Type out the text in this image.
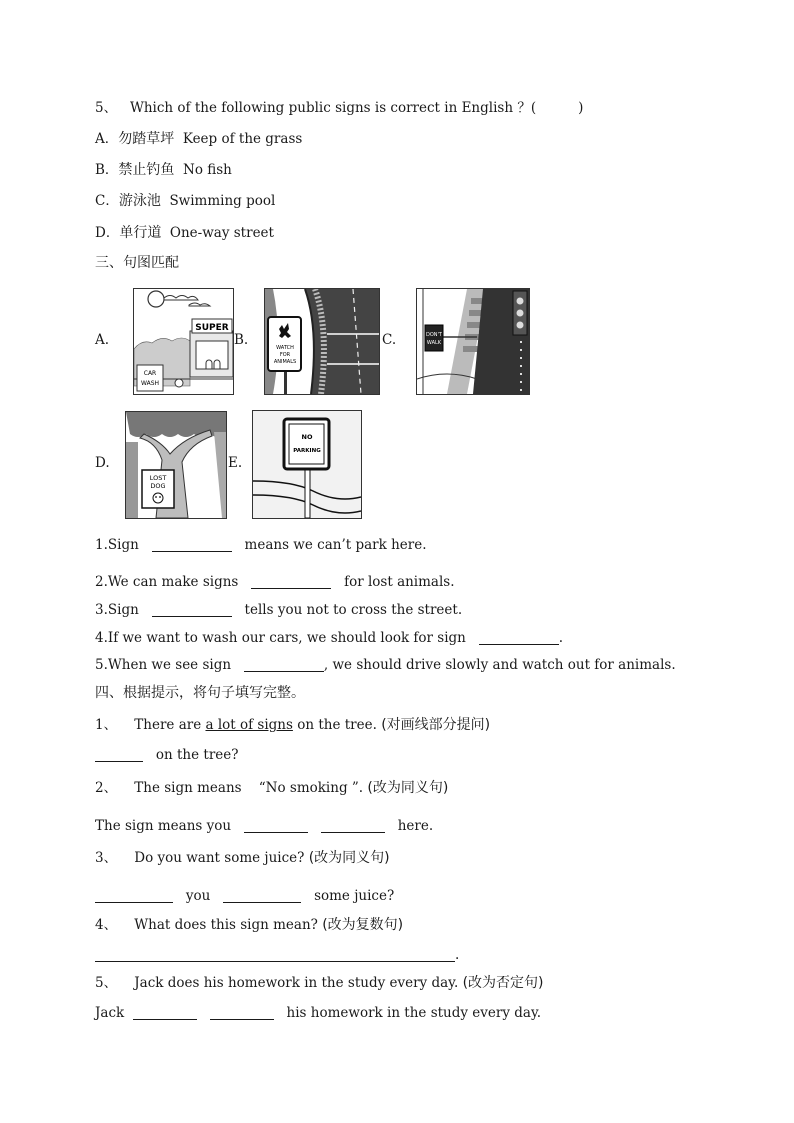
5、 Which of the following public signs is correct in English ？(	)
A．勿踏草坪 Keep of the grass
B．禁止钓鱼 No fish
C．游泳池 Swimming pool
D．单行道 One-way street
三、句图匹配
A.	B.	C.
D.	E.
SUPER
CAR
WASH
WATCH
FOR
ANIMALS
DON'T
WALK
LOST
DOG
NO
PARKING
1.Sign	means we can’t park here.
2.We can make signs	for lost animals.
3.Sign	tells you not to cross the street.
4.If we want to wash our cars, we should look for sign	.
5.When we see sign	, we should drive slowly and watch out for animals.
四、根据提示，将句子填写完整。
1、 There are a lot of signs on the tree. (对画线部分提问)
on the tree?
2、 The sign means “No smoking ”. (改为同义句)
The sign means you	here.
3、 Do you want some juice? (改为同义句)
you	some juice?
4、 What does this sign mean? (改为复数句)
.
5、 Jack does his homework in the study every day. (改为否定句)
Jack	his homework in the study every day.
